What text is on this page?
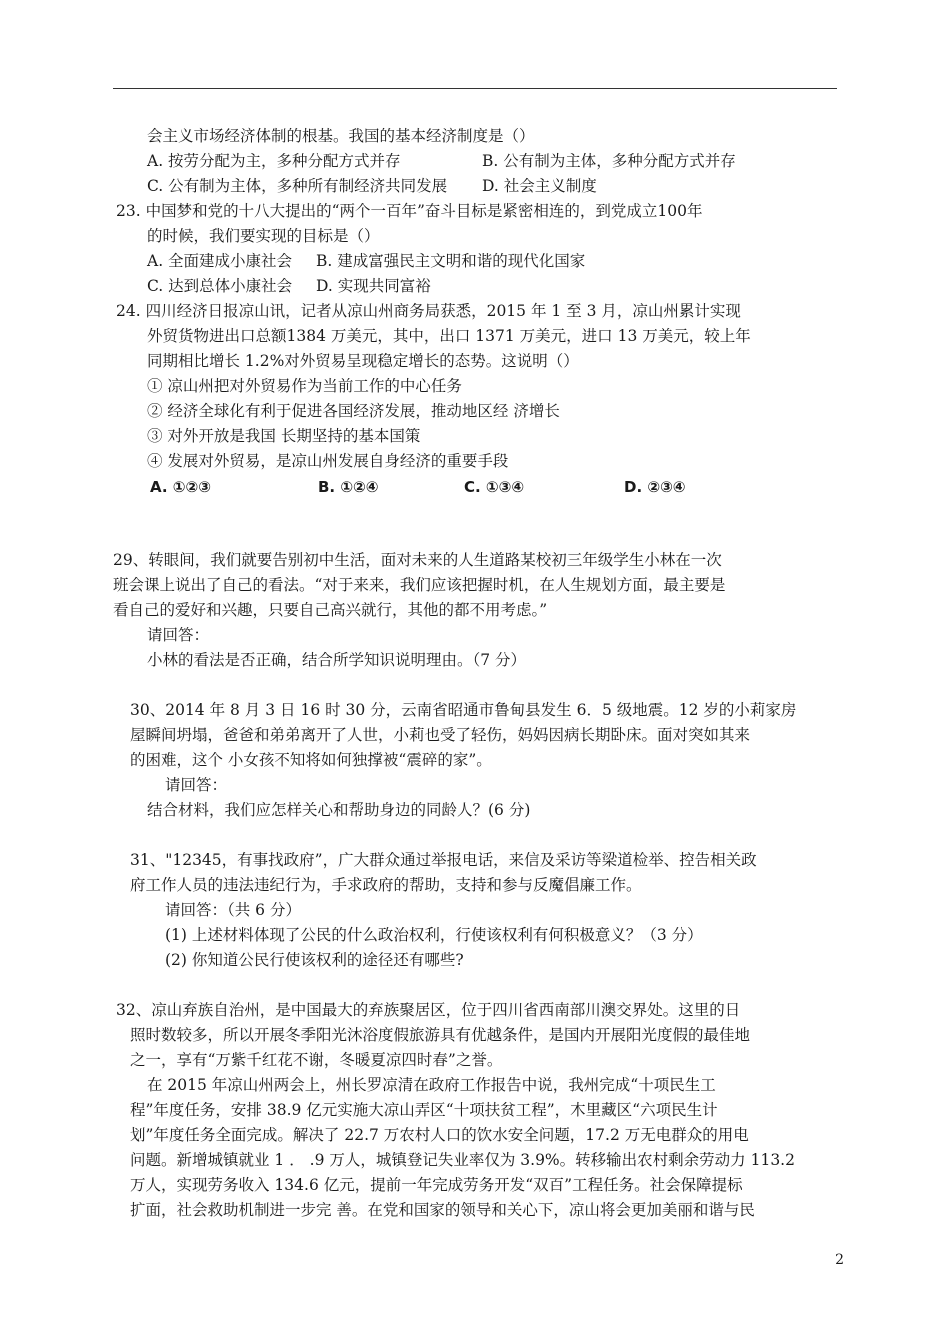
会主义市场经济体制的根基。我国的基本经济制度是（）
A. 按劳分配为主，多种分配方式并存	B. 公有制为主体，多种分配方式并存
C. 公有制为主体，多种所有制经济共同发展 D. 社会主义制度
23. 中国梦和党的十八大提出的“两个一百年”奋斗目标是紧密相连的，到党成立100年
的时候，我们要实现的目标是（）
A. 全面建成小康社会 B. 建成富强民主文明和谐的现代化国家
C. 达到总体小康社会 D. 实现共同富裕
24. 四川经济日报凉山讯，记者从凉山州商务局获悉，2015 年 1 至 3 月，凉山州累计实现
外贸货物进出口总额1384 万美元，其中，出口 1371 万美元，进口 13 万美元，较上年
同期相比增长 1.2%对外贸易呈现稳定增长的态势。这说明（）
① 凉山州把对外贸易作为当前工作的中心任务
② 经济全球化有利于促进各国经济发展，推动地区经 济增长
③ 对外开放是我国 长期坚持的基本国策
④ 发展对外贸易，是凉山州发展自身经济的重要手段
A. ①②③	B. ①②④	C. ①③④	D. ②③④
29、转眼间，我们就要告别初中生活，面对未来的人生道路某校初三年级学生小林在一次
班会课上说出了自己的看法。“对于来来，我们应该把握时机，在人生规划方面，最主要是
看自己的爱好和兴趣，只要自己高兴就行，其他的都不用考虑。”
请回答：
小林的看法是否正确，结合所学知识说明理由。（7 分）
30、2014 年 8 月 3 日 16 时 30 分，云南省昭通市鲁甸县发生 6．5 级地震。12 岁的小莉家房
屋瞬间坍塌，爸爸和弟弟离开了人世，小莉也受了轻伤，妈妈因病长期卧床。面对突如其来
的困难，这个 小女孩不知将如何独撑被“震碎的家”。
请回答：
结合材料，我们应怎样关心和帮助身边的同龄人？(6 分)
31、"12345，有事找政府”，广大群众通过举报电话，来信及采访等梁道检举、控告相关政
府工作人员的违法违纪行为，手求政府的帮助，支持和参与反魔倡廉工作。
请回答：（共 6 分）
(1) 上述材料体现了公民的什么政治权利，行使该权利有何积极意义？（3 分）
(2) 你知道公民行使该权利的途径还有哪些?
32、凉山弃族自治州，是中国最大的弃族聚居区，位于四川省西南部川澳交界处。这里的日
照时数较多，所以开展冬季阳光沐浴度假旅游具有优越条件，是国内开展阳光度假的最佳地
之一，享有“万紫千红花不谢，冬暖夏凉四时春”之誉。
在 2015 年凉山州两会上，州长罗凉清在政府工作报告中说，我州完成“十项民生工
程”年度任务，安排 38.9 亿元实施大凉山弄区“十项扶贫工程”，木里藏区“六项民生计
划”年度任务全面完成。解决了 22.7 万农村人口的饮水安全问题，17.2 万无电群众的用电
问题。新增城镇就业 1 ． .9 万人，城镇登记失业率仅为 3.9%。转移输出农村剩余劳动力 113.2
万人，实现劳务收入 134.6 亿元，提前一年完成劳务开发“双百”工程任务。社会保障提标
扩面，社会救助机制进一步完 善。在党和国家的领导和关心下，凉山将会更加美丽和谐与民
2
